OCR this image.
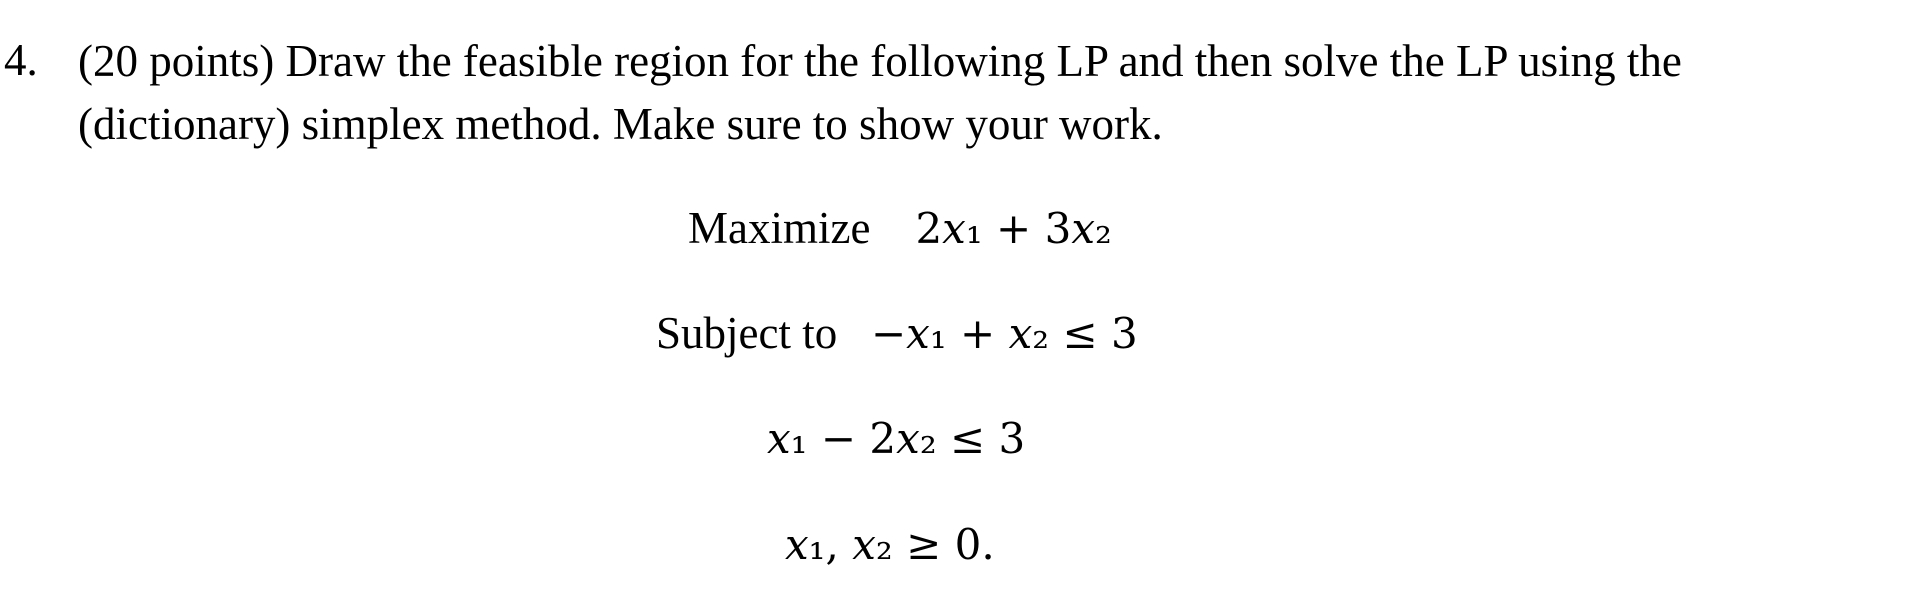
4. (20 points) Draw the feasible region for the following LP and then solve the LP using the
(dictionary) simplex method. Make sure to show your work.
Maximize 2𝑥₁ + 3𝑥₂
Subject to −𝑥₁ + 𝑥₂ ≤ 3
𝑥₁ − 2𝑥₂ ≤ 3
𝑥₁, 𝑥₂ ≥ 0.
